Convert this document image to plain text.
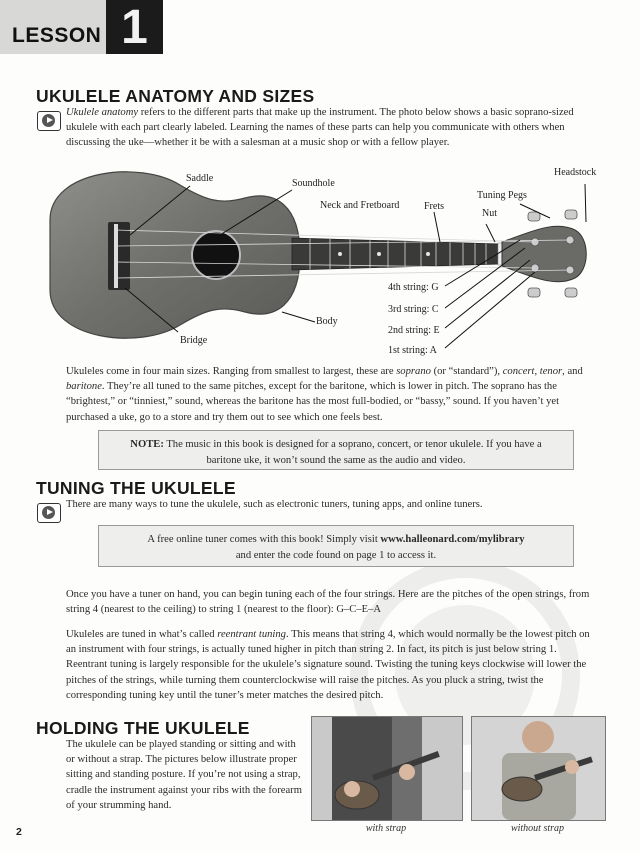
LESSON 1
UKULELE ANATOMY AND SIZES

Ukulele anatomy refers to the different parts that make up the instrument. The photo below shows a basic soprano-sized ukulele with each part clearly labeled. Learning the names of these parts can help you communicate with others when discussing the uke—whether it be with a salesman at a music shop or with a fellow player.

Saddle	Soundhole
Headstock
Tuning Pegs
Neck and Fretboard Frets
Nut
4th string: G
3rd string: C
2nd string: E
1st string: A
Body
Bridge

Ukuleles come in four main sizes. Ranging from smallest to largest, these are soprano (or “standard”), concert, tenor, and baritone. They’re all tuned to the same pitches, except for the baritone, which is lower in pitch. The soprano has the “brightest,” or “tinniest,” sound, whereas the baritone has the most full-bodied, or “bassy,” sound. If you haven’t yet purchased a uke, go to a store and try them out to see which one feels best.

NOTE: The music in this book is designed for a soprano, concert, or tenor ukulele. If you have a
baritone uke, it won’t sound the same as the audio and video.
TUNING THE UKULELE

There are many ways to tune the ukulele, such as electronic tuners, tuning apps, and online tuners.

A free online tuner comes with this book! Simply visit www.halleonard.com/mylibrary
and enter the code found on page 1 to access it.

Once you have a tuner on hand, you can begin tuning each of the four strings. Here are the pitches of the open strings, from string 4 (nearest to the ceiling) to string 1 (nearest to the floor): G–C–E–A

Ukuleles are tuned in what’s called reentrant tuning. This means that string 4, which would normally be the lowest pitch on an instrument with four strings, is actually tuned higher in pitch than string 2. In fact, its pitch is just below string 1. Reentrant tuning is largely responsible for the ukulele’s signature sound. Twisting the tuning keys clockwise will lower the pitches of the strings, while turning them counterclockwise will raise the pitches. As you pluck a string, twist the corresponding tuning key until the tuner’s meter matches the desired pitch.

HOLDING THE UKULELE

The ukulele can be played standing or sitting and with or without a strap. The pictures below illustrate proper sitting and standing posture. If you’re not using a strap, cradle the instrument against your ribs with the forearm of your strumming hand.

with strap	without strap
2
